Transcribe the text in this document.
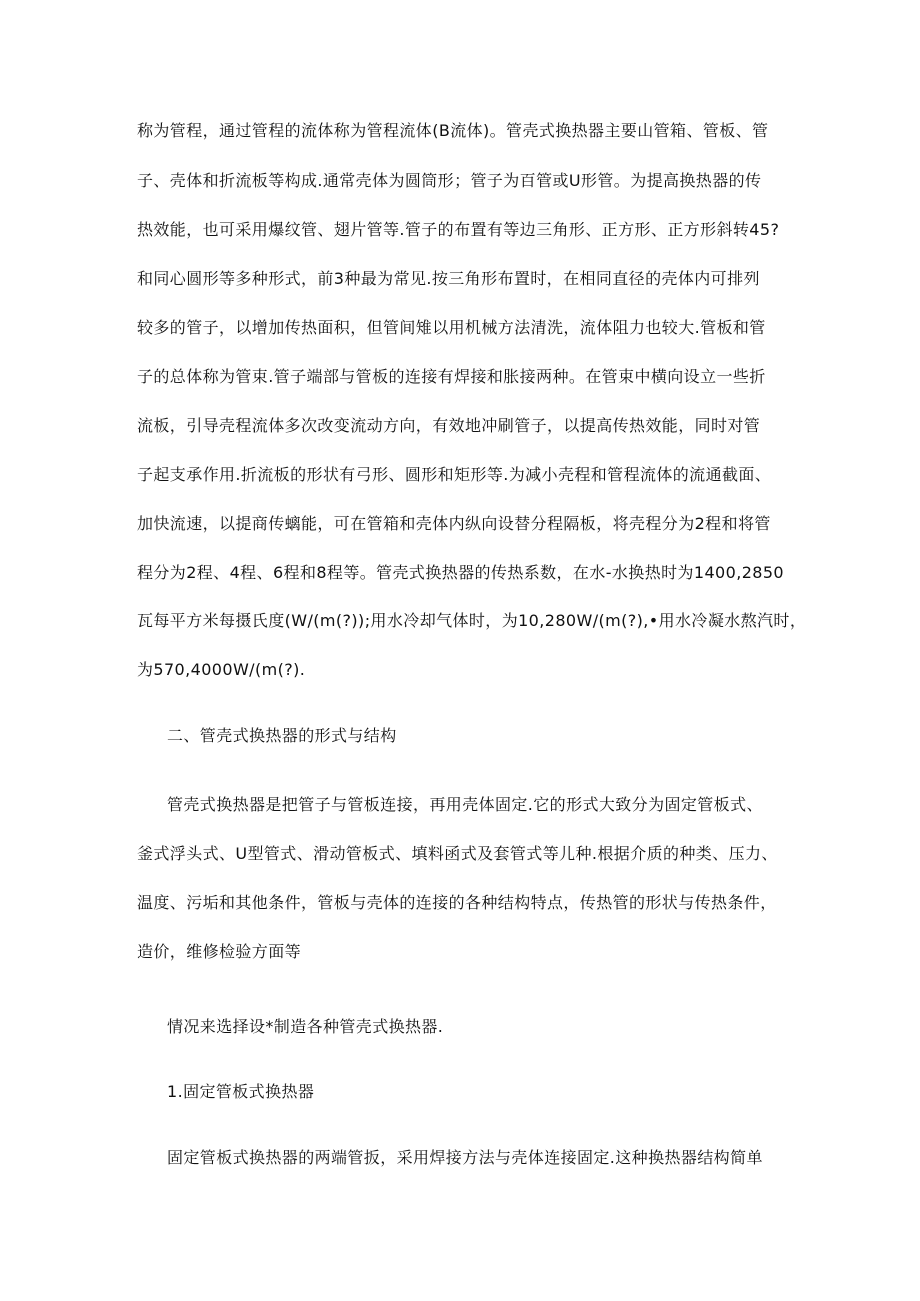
称为管程，通过管程的流体称为管程流体(B流体)。管壳式换热器主要山管箱、管板、管
子、壳体和折流板等构成.通常壳体为圆筒形；管子为百管或U形管。为提高换热器的传
热效能，也可采用爆纹管、翅片管等.管子的布置有等边三角形、正方形、正方形斜转45?
和同心圆形等多种形式，前3种最为常见.按三角形布置时，在相同直径的壳体内可排列
较多的管子，以增加传热面积，但管间雉以用机械方法清洗，流体阻力也较大.管板和管
子的总体称为管束.管子端部与管板的连接有焊接和胀接两种。在管束中横向设立一些折
流板，引导壳程流体多次改变流动方向，有效地冲刷管子，以提高传热效能，同时对管
子起支承作用.折流板的形状有弓形、圆形和矩形等.为减小壳程和管程流体的流通截面、
加快流速，以提商传螭能，可在管箱和壳体内纵向设替分程隔板，将壳程分为2程和将管
程分为2程、4程、6程和8程等。管壳式换热器的传热系数，在水-水换热时为1400,2850
瓦每平方米每摄氏度(W/(m(?));用水冷却气体时，为10,280W/(m(?),•用水冷凝水熬汽时，
为570,4000W/(m(?).
二、管壳式换热器的形式与结构
管壳式换热器是把管子与管板连接，再用壳体固定.它的形式大致分为固定管板式、
釜式浮头式、U型管式、滑动管板式、填料函式及套管式等儿种.根据介质的种类、压力、
温度、污垢和其他条件，管板与壳体的连接的各种结构特点，传热管的形状与传热条件，
造价，维修检验方面等
情况来选择设*制造各种管壳式换热器.
1.固定管板式换热器
固定管板式换热器的两端管扳，采用焊接方法与壳体连接固定.这种换热器结构简单
